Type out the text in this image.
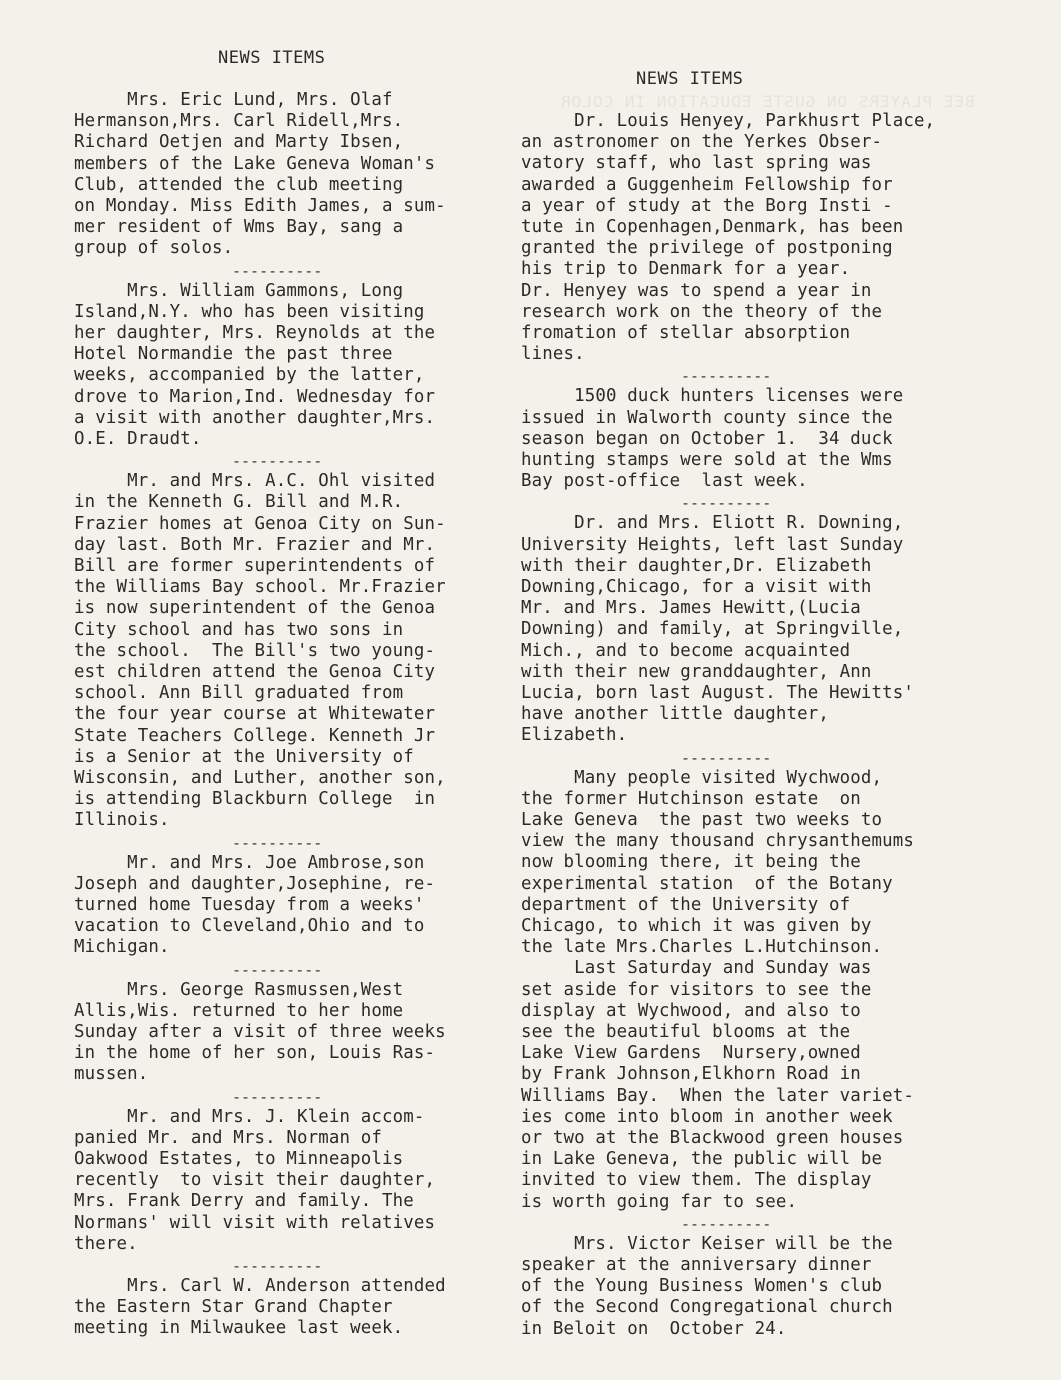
BEE PLAYERS ON GUSTE EDUCATION IN COLOR
NEWS ITEMS
NEWS ITEMS
Mrs. Eric Lund, Mrs. Olaf
Hermanson,Mrs. Carl Ridell,Mrs.
Richard Oetjen and Marty Ibsen,
members of the Lake Geneva Woman's
Club, attended the club meeting
on Monday. Miss Edith James, a sum-
mer resident of Wms Bay, sang a
group of solos.
----------
Mrs. William Gammons, Long
Island,N.Y. who has been visiting
her daughter, Mrs. Reynolds at the
Hotel Normandie the past three
weeks, accompanied by the latter,
drove to Marion,Ind. Wednesday for
a visit with another daughter,Mrs.
O.E. Draudt.
----------
Mr. and Mrs. A.C. Ohl visited
in the Kenneth G. Bill and M.R.
Frazier homes at Genoa City on Sun-
day last. Both Mr. Frazier and Mr.
Bill are former superintendents of
the Williams Bay school. Mr.Frazier
is now superintendent of the Genoa
City school and has two sons in
the school.  The Bill's two young-
est children attend the Genoa City
school. Ann Bill graduated from
the four year course at Whitewater
State Teachers College. Kenneth Jr
is a Senior at the University of
Wisconsin, and Luther, another son,
is attending Blackburn College  in
Illinois.
----------
Mr. and Mrs. Joe Ambrose,son
Joseph and daughter,Josephine, re-
turned home Tuesday from a weeks'
vacation to Cleveland,Ohio and to
Michigan.
----------
Mrs. George Rasmussen,West
Allis,Wis. returned to her home
Sunday after a visit of three weeks
in the home of her son, Louis Ras-
mussen.
----------
Mr. and Mrs. J. Klein accom-
panied Mr. and Mrs. Norman of
Oakwood Estates, to Minneapolis
recently  to visit their daughter,
Mrs. Frank Derry and family. The
Normans' will visit with relatives
there.
----------
Mrs. Carl W. Anderson attended
the Eastern Star Grand Chapter
meeting in Milwaukee last week.
Dr. Louis Henyey, Parkhusrt Place,
an astronomer on the Yerkes Obser-
vatory staff, who last spring was
awarded a Guggenheim Fellowship for
a year of study at the Borg Insti -
tute in Copenhagen,Denmark, has been
granted the privilege of postponing
his trip to Denmark for a year.
Dr. Henyey was to spend a year in
research work on the theory of the
fromation of stellar absorption
lines.
----------
1500 duck hunters licenses were
issued in Walworth county since the
season began on October 1.  34 duck
hunting stamps were sold at the Wms
Bay post-office  last week.
----------
Dr. and Mrs. Eliott R. Downing,
University Heights, left last Sunday
with their daughter,Dr. Elizabeth
Downing,Chicago, for a visit with
Mr. and Mrs. James Hewitt,(Lucia
Downing) and family, at Springville,
Mich., and to become acquainted
with their new granddaughter, Ann
Lucia, born last August. The Hewitts'
have another little daughter,
Elizabeth.
----------
Many people visited Wychwood,
the former Hutchinson estate  on
Lake Geneva  the past two weeks to
view the many thousand chrysanthemums
now blooming there, it being the
experimental station  of the Botany
department of the University of
Chicago, to which it was given by
the late Mrs.Charles L.Hutchinson.
Last Saturday and Sunday was
set aside for visitors to see the
display at Wychwood, and also to
see the beautiful blooms at the
Lake View Gardens  Nursery,owned
by Frank Johnson,Elkhorn Road in
Williams Bay.  When the later variet-
ies come into bloom in another week
or two at the Blackwood green houses
in Lake Geneva, the public will be
invited to view them. The display
is worth going far to see.
----------
Mrs. Victor Keiser will be the
speaker at the anniversary dinner
of the Young Business Women's club
of the Second Congregational church
in Beloit on  October 24.
